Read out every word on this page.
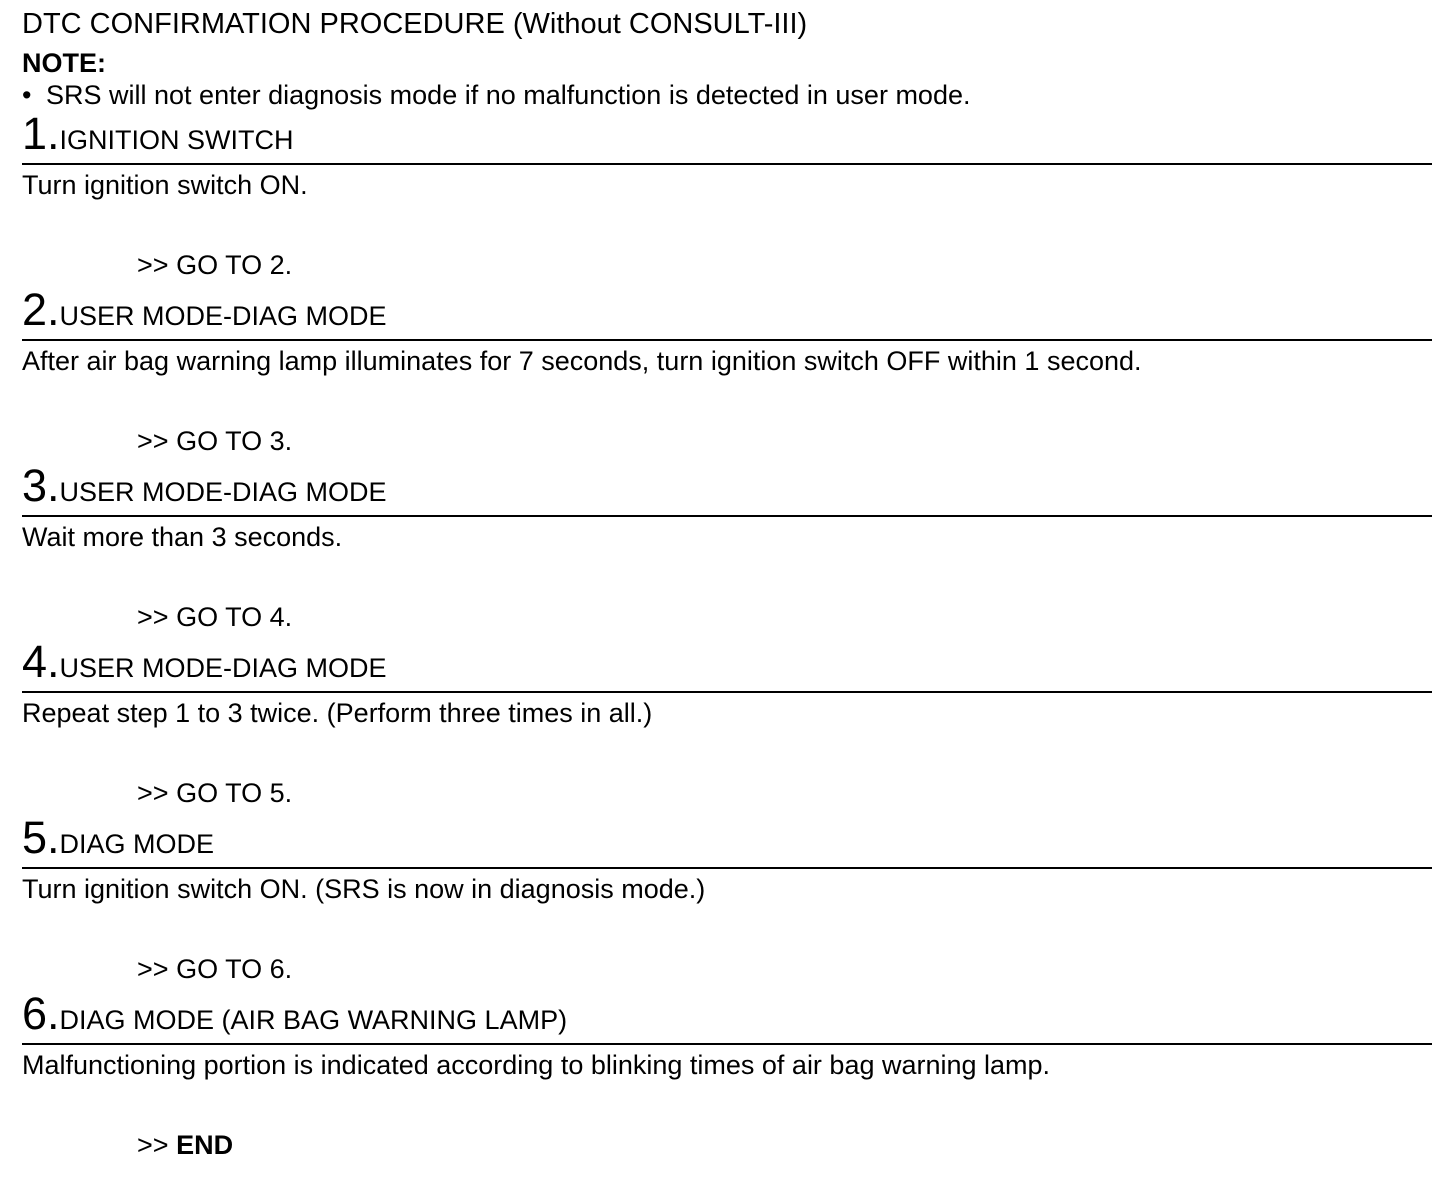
DTC CONFIRMATION PROCEDURE (Without CONSULT-III)
NOTE:
• SRS will not enter diagnosis mode if no malfunction is detected in user mode.
1.IGNITION SWITCH
Turn ignition switch ON.
>> GO TO 2.
2.USER MODE-DIAG MODE
After air bag warning lamp illuminates for 7 seconds, turn ignition switch OFF within 1 second.
>> GO TO 3.
3.USER MODE-DIAG MODE
Wait more than 3 seconds.
>> GO TO 4.
4.USER MODE-DIAG MODE
Repeat step 1 to 3 twice. (Perform three times in all.)
>> GO TO 5.
5.DIAG MODE
Turn ignition switch ON. (SRS is now in diagnosis mode.)
>> GO TO 6.
6.DIAG MODE (AIR BAG WARNING LAMP)
Malfunctioning portion is indicated according to blinking times of air bag warning lamp.
>> END
